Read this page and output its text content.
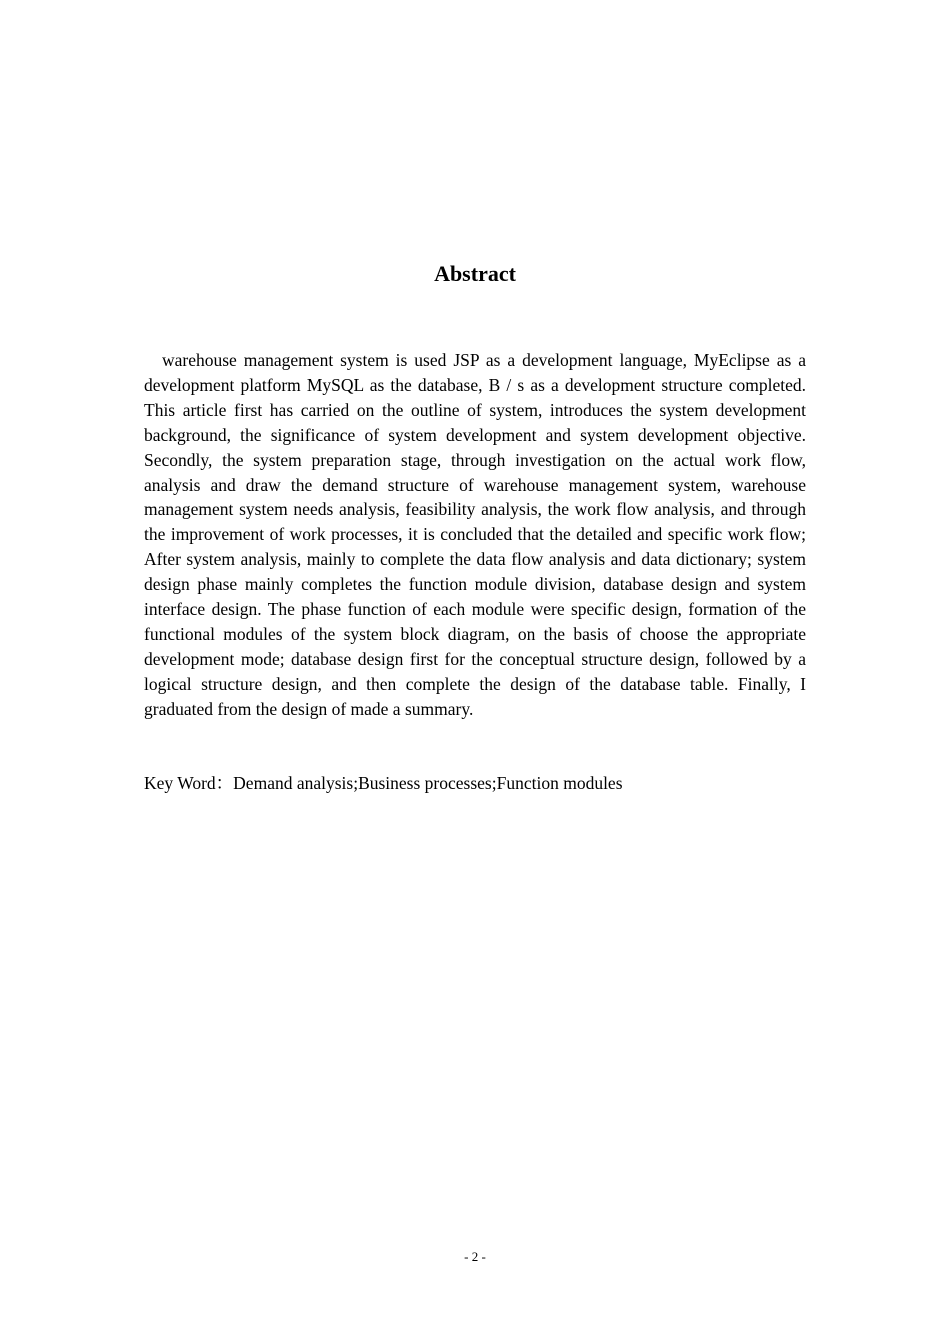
Abstract

warehouse management system is used JSP as a development language, MyEclipse as a development platform MySQL as the database, B / s as a development structure completed. This article first has carried on the outline of system, introduces the system development background, the significance of system development and system development objective. Secondly, the system preparation stage, through investigation on the actual work flow, analysis and draw the demand structure of warehouse management system, warehouse management system needs analysis, feasibility analysis, the work flow analysis, and through the improvement of work processes, it is concluded that the detailed and specific work flow; After system analysis, mainly to complete the data flow analysis and data dictionary; system design phase mainly completes the function module division, database design and system interface design. The phase function of each module were specific design, formation of the functional modules of the system block diagram, on the basis of choose the appropriate development mode; database design first for the conceptual structure design, followed by a logical structure design, and then complete the design of the database table. Finally, I graduated from the design of made a summary.

Key Word：Demand analysis;Business processes;Function modules

- 2 -
